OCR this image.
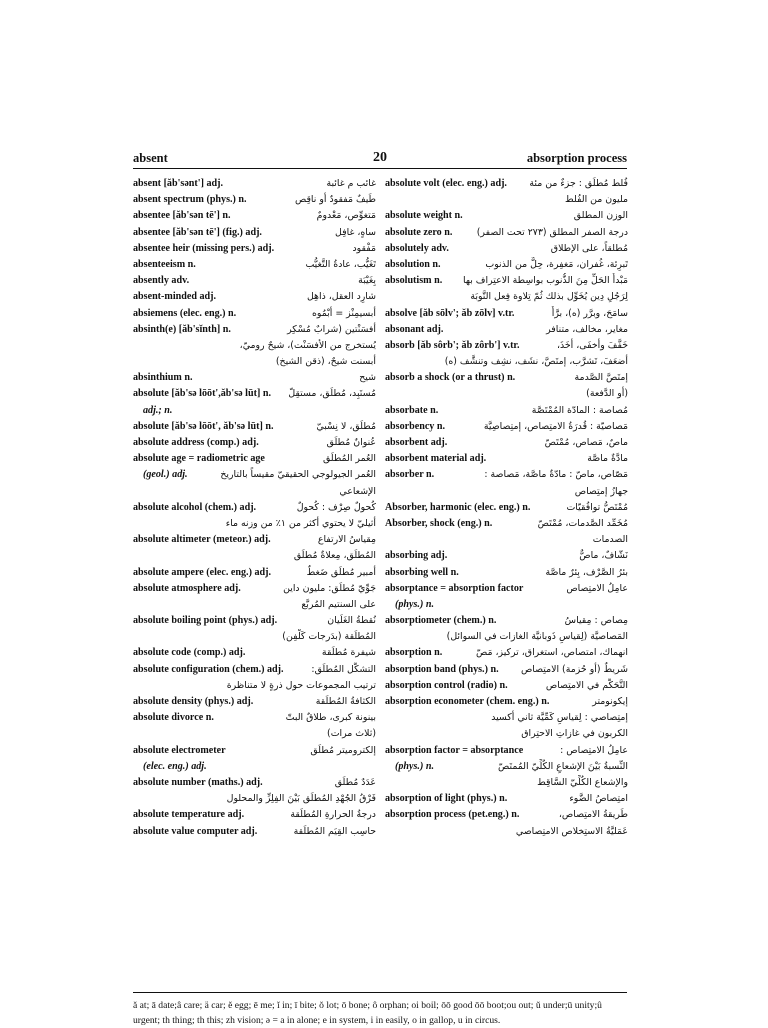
absent	20	absorption process
absent [ăb'sənt'] adj.	غائب م غائبة
absent spectrum (phys.) n.	طَيفٌ مَفقودٌ أو ناقِص
absentee [ăb'sən tē'] n.	مَتغوِّص، مَعْدومٌ
absentee [ăb'sən tē'] (fig.) adj.	ساهٍ، غافِل
absentee heir (missing pers.) adj.	مَفْقود
absenteeism n.	تَغَيُّب، عادةُ التَّغيُّب
absently adv.	بِغَيْبَة
absent-minded adj.	شارِد العقل، ذاهِل
absiemens (elec. eng.) n.	أبسيمِنْز = أبْمُوه
absinth(e) [ăb'sĭnth] n.	أفسَنْتين (شرابٌ مُسْكِر
يُستخرج من الأفسَنْت)، شيحٌ روميّ،
أبسنت شيحٌ، (ذقن الشيخ)
absinthium n.	شيح
absolute [ăb'sə lōōt',ăb'sə lūt] n. مُستَبِد، مُطلَق، مستقِلّ
adj.; n.
absolute [ăb'sə lōōt', ăb'sə lūt] n.	مُطلَق، لا نِسْبيّ
absolute address (comp.) adj.	عُنوانٌ مُطلَق
absolute age = radiometric age	العُمر المُطلَق
(geol.) adj.	العُمر الجيولوجي الحقيقيّ مقيساً بالتاريخ
الإشعاعي
absolute alcohol (chem.) adj.	كُحولٌ صِرْف : كُحولٌ
أثيليّ لا يحتوي أكثر من ١٪ من وزنه ماء
absolute altimeter (meteor.) adj.	مِقياسُ الارتفاع
المُطلَق، مِعلاةٌ مُطلَق
absolute ampere (elec. eng.) adj.	أمبير مُطلَق ضَغطٌ
absolute atmosphere adj.	جَوِّيّ مُطلَق: مليون داين
على السنتيم المُربَّع
absolute boiling point (phys.) adj.	نُقطةُ الغَلَيان
المُطلَقة (بدَرجات كَلْفِن)
absolute code (comp.) adj.	شيفرة مُطلَقة
absolute configuration (chem.) adj.	التشكُّل المُطلَق:
ترتيب المجموعات حول ذرةٍ لا متناظرة
absolute density (phys.) adj.	الكثافةُ المُطلَقة
absolute divorce n.	بينونة كبرى، طلاقٌ البتّ
(ثلاث مرات)
absolute electrometer	إلكتروميتر مُطلَق
(elec. eng.) adj.
absolute number (maths.) adj.	عَدَدٌ مُطلَق
فَرْقُ الجُهْدِ المُطلَق بَيْنَ الفِلِزِّ والمحلول
absolute temperature adj.	درجةُ الحرارةِ المُطلَقة
absolute value computer adj.	حاسِب القِيَم المُطلَقة
absolute volt (elec. eng.) adj. فُلط مُطلَق : جزءٌ من مئة
مليون من الفُلط
absolute weight n.	الوزن المطلق
absolute zero n.	درجة الصفر المطلق (٢٧٣ تحت الصفر)
absolutely adv.	مُطلقاً، على الإطلاق
absolution n.	تَبرِئة، غُفران، مَغفِرة، حِلٌّ من الذنوب
absolutism n. مَبْدأُ الحَلِّ مِنَ الذُّنوب بواسِطة الاعتِراف بها
لِرَجُلِ دِين يُخَوِّل بذلك ثُمّ تِلاوة فِعل التَّوبَة
absolve [ăb sōlv'; ăb zōlv] v.tr.	سامَحَ، وبرَّر (ه)، برَّأَ
absonant adj.	مغاير، مخالف، متنافر
absorb [ăb sôrb'; ăb zôrb'] v.tr.	خَفَّفَ وأخفَى، أخَذَ،
أضعَفَ، تَشرَّب، إمتَصَّ، نشَف، نشِف وتنشَّف (ه)
absorb a shock (or a thrust) n.	إمتَصَّ الصَّدمة
(أو الدَّفعة)
absorbate n.	مُصاصة : المادّة المُمْتَصَّة
absorbency n.	مَصاصيّة : قُدرَةُ الامتِصاص، إمتِصاصِيَّة
absorbent adj.	ماصٌ، مَصاص، مُمْتَصّ
absorbent material adj.	مادَّةٌ ماصَّة
absorber n.	مَصّاص، ماصّ : مادّةٌ ماصَّة، مَصاصة :
جهازُ إمتِصاص
Absorber, harmonic (elec. eng.) n.	مُمْتَصُّ توافُقيّات
Absorber, shock (eng.) n.	مُخَمِّد الصَّدمات، مُمْتَصّ
الصدمات
absorbing adj.	نَشّافٌ، ماصٌّ
absorbing well n.	بئرُ الصَّرْف، بِئرٌ ماصَّة
absorptance = absorption factor	عامِلُ الامتِصاص
(phys.) n.
absorptiometer (chem.) n.	مِصاص : مِقياسُ
المَصاصيَّة (لِقياسِ ذَوبانيَّة الغازات في السوائل)
absorption n.	انهماك، امتصاص، استغراق، تركيز، مَصّ
absorption band (phys.) n. شَريطٌ (أو حُزمة) الامتِصاص
absorption control (radio) n.	التَّحَكُّم في الامتِصاص
absorption econometer (chem. eng.) n.	إيكونومتر
إمتِصاصي : لِقياسِ كَمِّيَّة ثاني أكسيد
الكربون في غازاتِ الاحتِراق
absorption factor = absorptance	عامِلُ الامتِصاص :
(phys.) n.	النِّسبةُ بَيْنَ الإشعاعِ الكُلِّيّ المُمتَصّ
والإشعاع الكُلِّيّ السَّاقِط
absorption of light (phys.) n.	امتِصاصُ الضَّوء
absorption process (pet.eng.) n.	طَريقةُ الامتِصاص،
عَمَليَّةُ الاستِخلاص الامتِصاصي
ă at; ā date;â care; ä car; ĕ egg; ē me; ĭ in; ī bite; ŏ lot; ō bone; ô orphan; oi boil; ōō good ōō boot;ou out; ŭ under;ū unity;û urgent; th thing; th this; zh vision; ə = a in alone; e in system, i in easily, o in gallop, u in circus.
